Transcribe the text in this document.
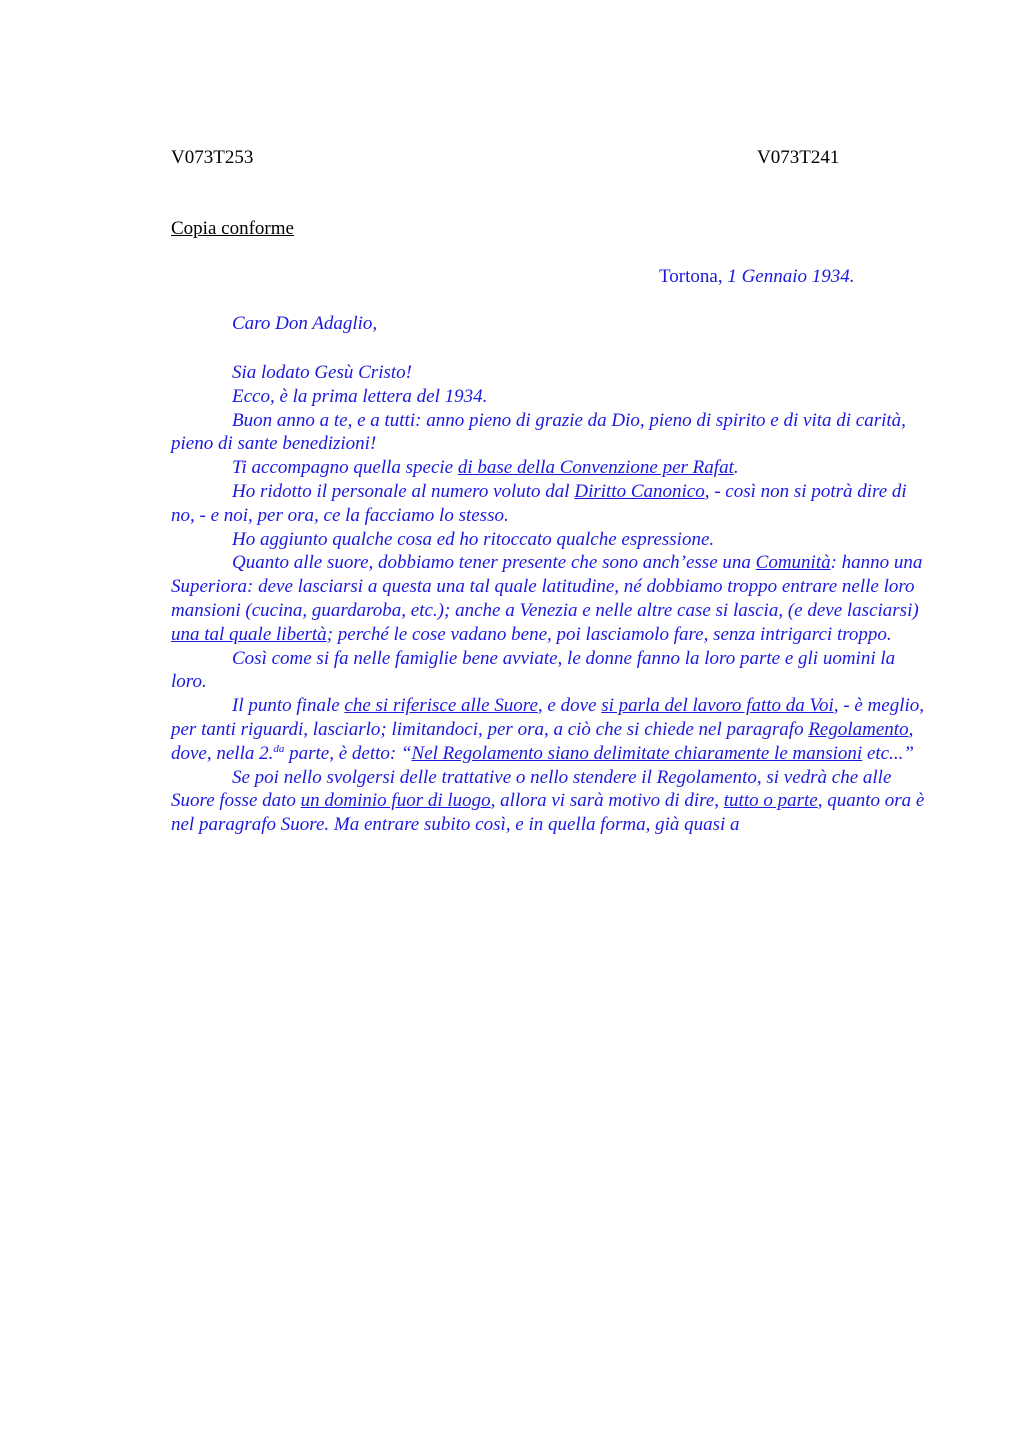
V073T253	V073T241
Copia conforme
Tortona, 1 Gennaio 1934.
Caro Don Adaglio,

Sia lodato Gesù Cristo!

Ecco, è la prima lettera del 1934.

Buon anno a te, e a tutti: anno pieno di grazie da Dio, pieno di spirito e di vita di carità, pieno di sante benedizioni!

Ti accompagno quella specie di base della Convenzione per Rafat.

Ho ridotto il personale al numero voluto dal Diritto Canonico, - così non si potrà dire di no, - e noi, per ora, ce la facciamo lo stesso.

Ho aggiunto qualche cosa ed ho ritoccato qualche espressione.

Quanto alle suore, dobbiamo tener presente che sono anch’esse una Comunità: hanno una Superiora: deve lasciarsi a questa una tal quale latitudine, né dobbiamo troppo entrare nelle loro mansioni (cucina, guardaroba, etc.); anche a Venezia e nelle altre case si lascia, (e deve lasciarsi) una tal quale libertà; perché le cose vadano bene, poi lasciamolo fare, senza intrigarci troppo.

Così come si fa nelle famiglie bene avviate, le donne fanno la loro parte e gli uomini la loro.

Il punto finale che si riferisce alle Suore, e dove si parla del lavoro fatto da Voi, - è meglio, per tanti riguardi, lasciarlo; limitandoci, per ora, a ciò che si chiede nel paragrafo Regolamento, dove, nella 2.$^{da}$ parte, è detto: “Nel Regolamento siano delimitate chiaramente le mansioni etc...”

Se poi nello svolgersi delle trattative o nello stendere il Regolamento, si vedrà che alle Suore fosse dato un dominio fuor di luogo, allora vi sarà motivo di dire, tutto o parte, quanto ora è nel paragrafo Suore. Ma entrare subito così, e in quella forma, già quasi a
